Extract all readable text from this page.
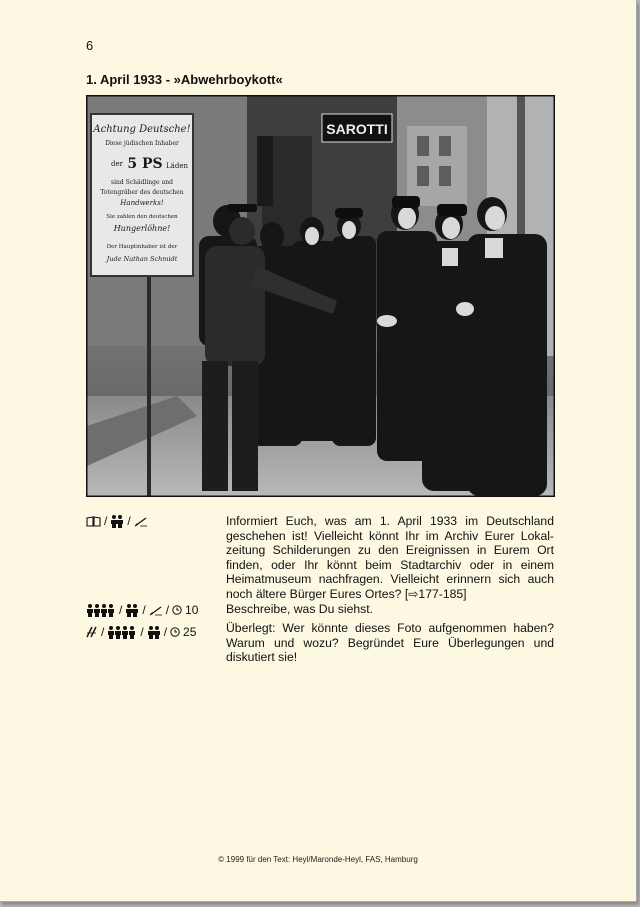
6
1. April 1933 - »Abwehrboykott«
Achtung Deutsche!
Diese jüdischen Inhaber
der 5 PS Läden
sind Schädlinge und
Totengräber des deutschen
Handwerks!
Sie zahlen den deutschen
Hungerlöhne!
Der Hauptinhaber ist der
Jude Nathan Schmidt
SAROTTI
/ /	Informiert Euch, was am 1. April 1933 im Deutschland geschehen ist! Vielleicht könnt Ihr im Archiv Eurer Lokal-zeitung Schilderungen zu den Ereignissen in Eurem Ort finden, oder Ihr könnt beim Stadtarchiv oder in einem Heimatmuseum nachfragen. Vielleicht erinnern sich auch noch ältere Bürger Eures Ortes? [⇨177-185]

/ / / 10 Beschreibe, was Du siehst.

/	/ / 25 Überlegt: Wer könnte dieses Foto aufgenommen haben? Warum und wozu? Begründet Eure Überlegungen und diskutiert sie!

© 1999 für den Text: Heyl/Maronde-Heyl, FAS, Hamburg
